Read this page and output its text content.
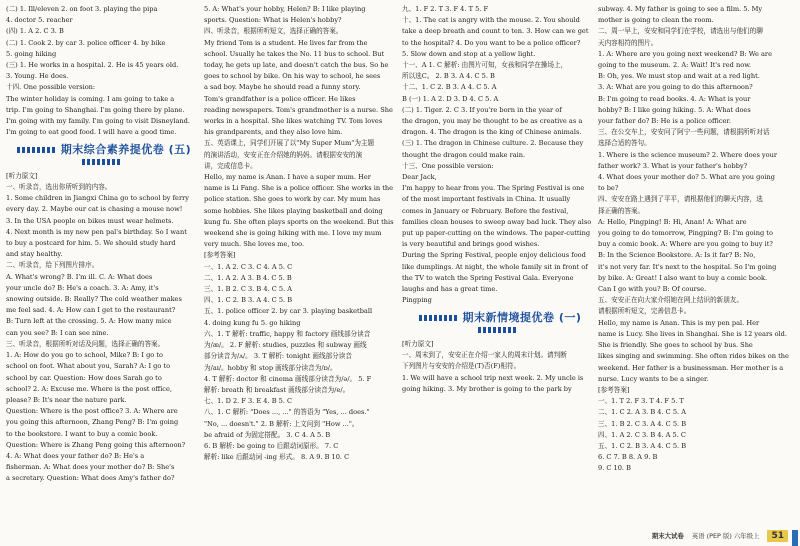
(二) 1. Ill/eleven 2. on foot 3. playing the pipa
4. doctor 5. reacher
(四) 1. A 2. C 3. B
(二) 1. Cook 2. by car 3. police officer 4. by bike
5. going hiking
(三) 1. He works in a hospital. 2. He is 45 years old.
3. Young. He does.
十四. One possible version:
The winter holiday is coming. I am going to take a
trip. I'm going to Shanghai. I'm going there by plane.
I'm going with my family. I'm going to visit Disneyland.
I'm going to eat good food. I will have a good time.
期末综合素养提优卷 (五)
[听力原文]
一、听录音，选出你所听到的内容。
1. Some children in Jiangxi China go to school by ferry
every day. 2. Maybe our cat is chasing a mouse now!
3. In the USA people on bikes must wear helmets.
4. Next month is my new pen pal's birthday. So I want
to buy a postcard for him. 5. We should study hard
and stay healthy.
二、听录音，给下列图片排序。
A. What's wrong? B. I'm ill. C. A: What does
your uncle do? B: He's a coach. 3. A: Amy, it's
snowing outside. B: Really? The cold weather makes
me feel sad. 4. A: How can I get to the restaurant?
B: Turn left at the crossing. 5. A: How many mice
can you see? B: I can see nine.
三、听录音，根据所听对话及问题，选择正确的答案。
1. A: How do you go to school, Mike? B: I go to
school on foot. What about you, Sarah? A: I go to
school by car. Question: How does Sarah go to
school? 2. A: Excuse me. Where is the post office,
please? B: It's near the nature park.
Question: Where is the post office? 3. A: Where are
you going this afternoon, Zhang Peng? B: I'm going
to the bookstore. I want to buy a comic book.
Question: Where is Zhang Peng going this afternoon?
4. A: What does your father do? B: He's a
fisherman. A: What does your mother do? B: She's
a secretary. Question: What does Amy's father do?
5. A: What's your hobby, Helen? B: I like playing
sports. Question: What is Helen's hobby?
四、听录音，根据所听短文，选择正确的答案。
My friend Tom is a student. He lives far from the
school. Usually he takes the No. 11 bus to school. But
today, he gets up late, and doesn't catch the bus. So he
goes to school by bike. On his way to school, he sees
a sad boy. Maybe he should read a funny story.
Tom's grandfather is a police officer. He likes
reading newspapers. Tom's grandmother is a nurse. She
works in a hospital. She likes watching TV. Tom loves
his grandparents, and they also love him.
五、英语课上，同学们开展了以"My Super Mum"为主题
的演讲活动，安安正在介绍她的妈妈。请根据安安的演
讲，完成信息卡。
Hello, my name is Anan. I have a super mum. Her
name is Li Fang. She is a police officer. She works in the
police station. She goes to work by car. My mum has
some hobbies. She likes playing basketball and doing
kung fu. She often plays sports on the weekend. But this
weekend she is going hiking with me. I love my mum
very much. She loves me, too.
[参考答案]
一、1. A 2. C 3. C 4. A 5. C
二、1. A 2. A 3. B 4. C 5. B
三、1. B 2. C 3. B 4. C 5. A
四、1. C 2. B 3. A 4. C 5. B
五、1. police officer 2. by car 3. playing basketball
4. doing kung fu 5. go hiking
六、1. T 解析: traffic, happy 和 factory 画线部分读音
为/æ/。 2. F 解析: studies, puzzles 和 subway 画线
部分读音为/ʌ/。 3. T 解析: tonight 画线部分读音
为/aɪ/。hobby 和 stop 画线部分读音为/ɒ/。
4. T 解析: doctor 和 cinema 画线部分读音为/ə/。 5. F
解析: breath 和 breakfast 画线部分读音为/e/。
七、1. D 2. F 3. E 4. B 5. C
八、1. C 解析: "Does ..., ..." 的答语为 "Yes, ... does."
"No, ... doesn't." 2. B 解析: 上文问到 "How ..."。
be afraid of 为固定搭配。 3. C 4. A 5. B
6. B 解析: be going to 后跟动词原形。 7. C
解析: like 后跟动词 -ing 形式。 8. A 9. B 10. C
九、1. F 2. T 3. F 4. T 5. F
十、1. The cat is angry with the mouse. 2. You should
take a deep breath and count to ten. 3. How can we get
to the hospital? 4. Do you want to be a police officer?
5. Slow down and stop at a yellow light.
十一、A 1. C 解析: 由图片可知，女孩和同学在操场上，
所以选C。 2. B 3. A 4. C 5. B
十二、1. C 2. B 3. A 4. C 5. A
B (一) 1. A 2. D 3. D 4. C 5. A
(二) 1. Tiger. 2. C 3. If you're born in the year of
the dragon, you may be thought to be as creative as a
dragon. 4. The dragon is the king of Chinese animals.
(三) 1. The dragon in Chinese culture. 2. Because they
thought the dragon could make rain.
十三、One possible version:
Dear Jack,
I'm happy to hear from you. The Spring Festival is one
of the most important festivals in China. It usually
comes in January or February. Before the festival,
families clean houses to sweep away bad luck. They also
put up paper-cutting on the windows. The paper-cutting
is very beautiful and brings good wishes.
During the Spring Festival, people enjoy delicious food
like dumplings. At night, the whole family sit in front of
the TV to watch the Spring Festival Gala. Everyone
laughs and has a great time.
Pingping
期末新情境提优卷 (一)
[听力原文]
一、周末到了，安安正在介绍一家人的周末计划。请判断
下列图片与安安的介绍是(T)否(F)相符。
1. We will have a school trip next week. 2. My uncle is
going hiking. 3. My brother is going to the park by
subway. 4. My father is going to see a film. 5. My
mother is going to clean the room.
二、周一早上，安安和同学们在学校，请选出与他们的聊
天内容相符的图片。
1. A: Where are you going next weekend? B: We are
going to the museum. 2. A: Wait! It's red now.
B: Oh, yes. We must stop and wait at a red light.
3. A: What are you going to do this afternoon?
B: I'm going to read books. 4. A: What is your
hobby? B: I like going hiking. 5. A: What does
your father do? B: He is a police officer.
三、在公交车上，安安问了阿宁一些问题，请根据所听对话
选择合适的答句。
1. Where is the science museum? 2. Where does your
father work? 3. What is your father's hobby?
4. What does your mother do? 5. What are you going
to be?
四、安安在路上遇到了平平，请根据他们的聊天内容，选
择正确的答案。
A: Hello, Pingping! B: Hi, Anan! A: What are
you going to do tomorrow, Pingping? B: I'm going to
buy a comic book. A: Where are you going to buy it?
B: In the Science Bookstore. A: Is it far? B: No,
it's not very far. It's next to the hospital. So I'm going
by bike. A: Great! I also want to buy a comic book.
Can I go with you? B: Of course.
五、安安正在向大家介绍她在网上结识的新朋友。
请根据所听短文，完善信息卡。
Hello, my name is Anan. This is my pen pal. Her
name is Lucy. She lives in Shanghai. She is 12 years old.
She is friendly. She goes to school by bus. She
likes singing and swimming. She often rides bikes on the
weekend. Her father is a businessman. Her mother is a
nurse. Lucy wants to be a singer.
[参考答案]
一、1. T 2. F 3. T 4. F 5. T
二、1. C 2. A 3. B 4. C 5. A
三、1. B 2. C 3. A 4. C 5. B
四、1. A 2. C 3. B 4. A 5. C
五、1. C 2. B 3. A 4. C 5. B
6. C 7. B 8. A 9. B
9. C 10. B
期末大试卷 英语 (PEP 版) 六年级上 51
